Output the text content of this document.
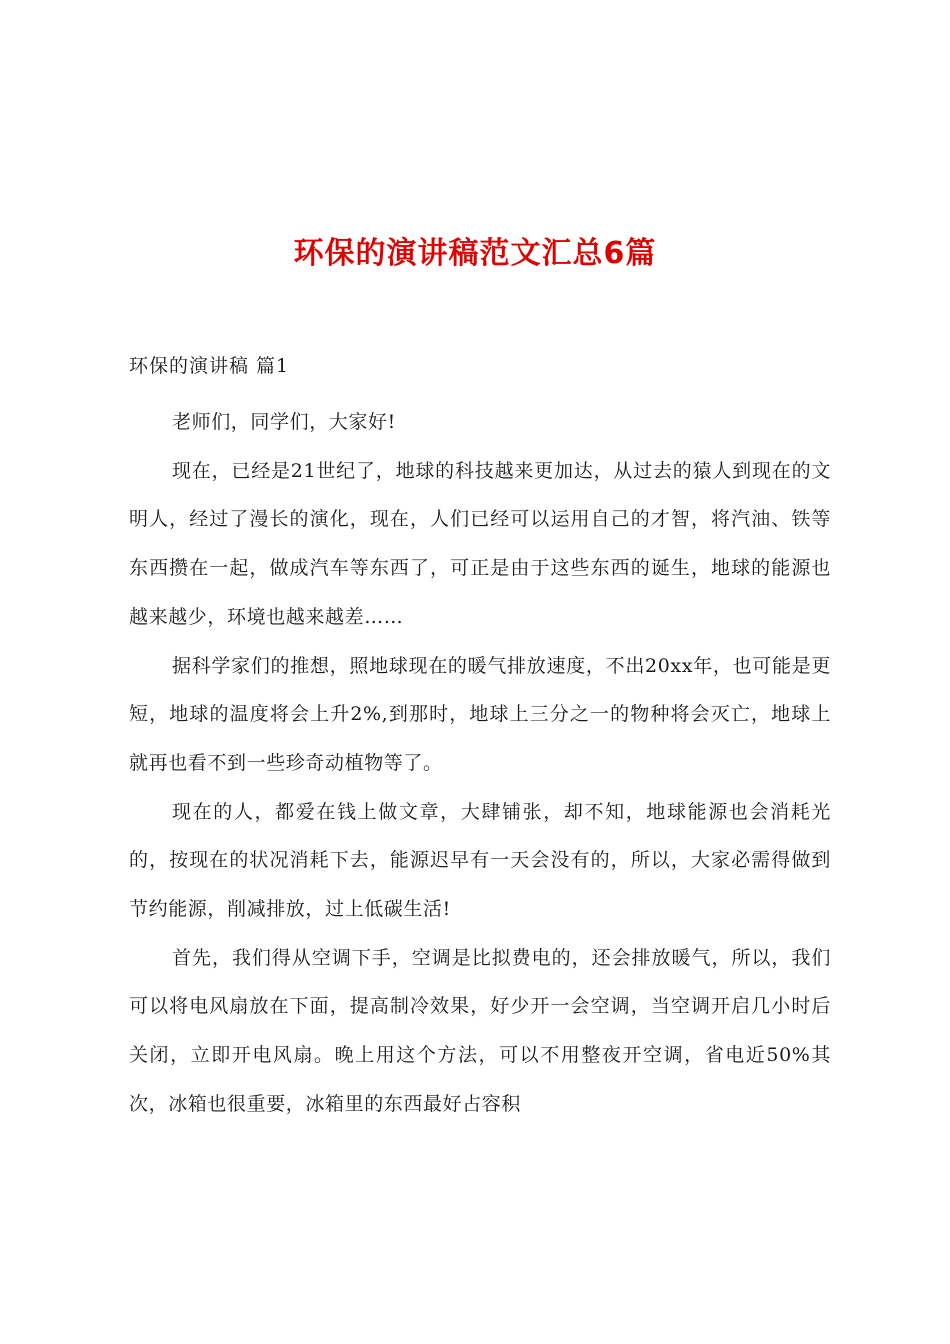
环保的演讲稿范文汇总6篇
环保的演讲稿 篇1

老师们，同学们，大家好!

现在，已经是21世纪了，地球的科技越来更加达，从过去的猿人到现在的文明人，经过了漫长的演化，现在，人们已经可以运用自己的才智，将汽油、铁等东西攒在一起，做成汽车等东西了，可正是由于这些东西的诞生，地球的能源也越来越少，环境也越来越差……

据科学家们的推想，照地球现在的暖气排放速度，不出20xx年，也可能是更短，地球的温度将会上升2%,到那时，地球上三分之一的物种将会灭亡，地球上就再也看不到一些珍奇动植物等了。

现在的人，都爱在钱上做文章，大肆铺张，却不知，地球能源也会消耗光的，按现在的状况消耗下去，能源迟早有一天会没有的，所以，大家必需得做到节约能源，削减排放，过上低碳生活!

首先，我们得从空调下手，空调是比拟费电的，还会排放暖气，所以，我们可以将电风扇放在下面，提高制冷效果，好少开一会空调，当空调开启几小时后关闭，立即开电风扇。晚上用这个方法，可以不用整夜开空调，省电近50%其次，冰箱也很重要，冰箱里的东西最好占容积
